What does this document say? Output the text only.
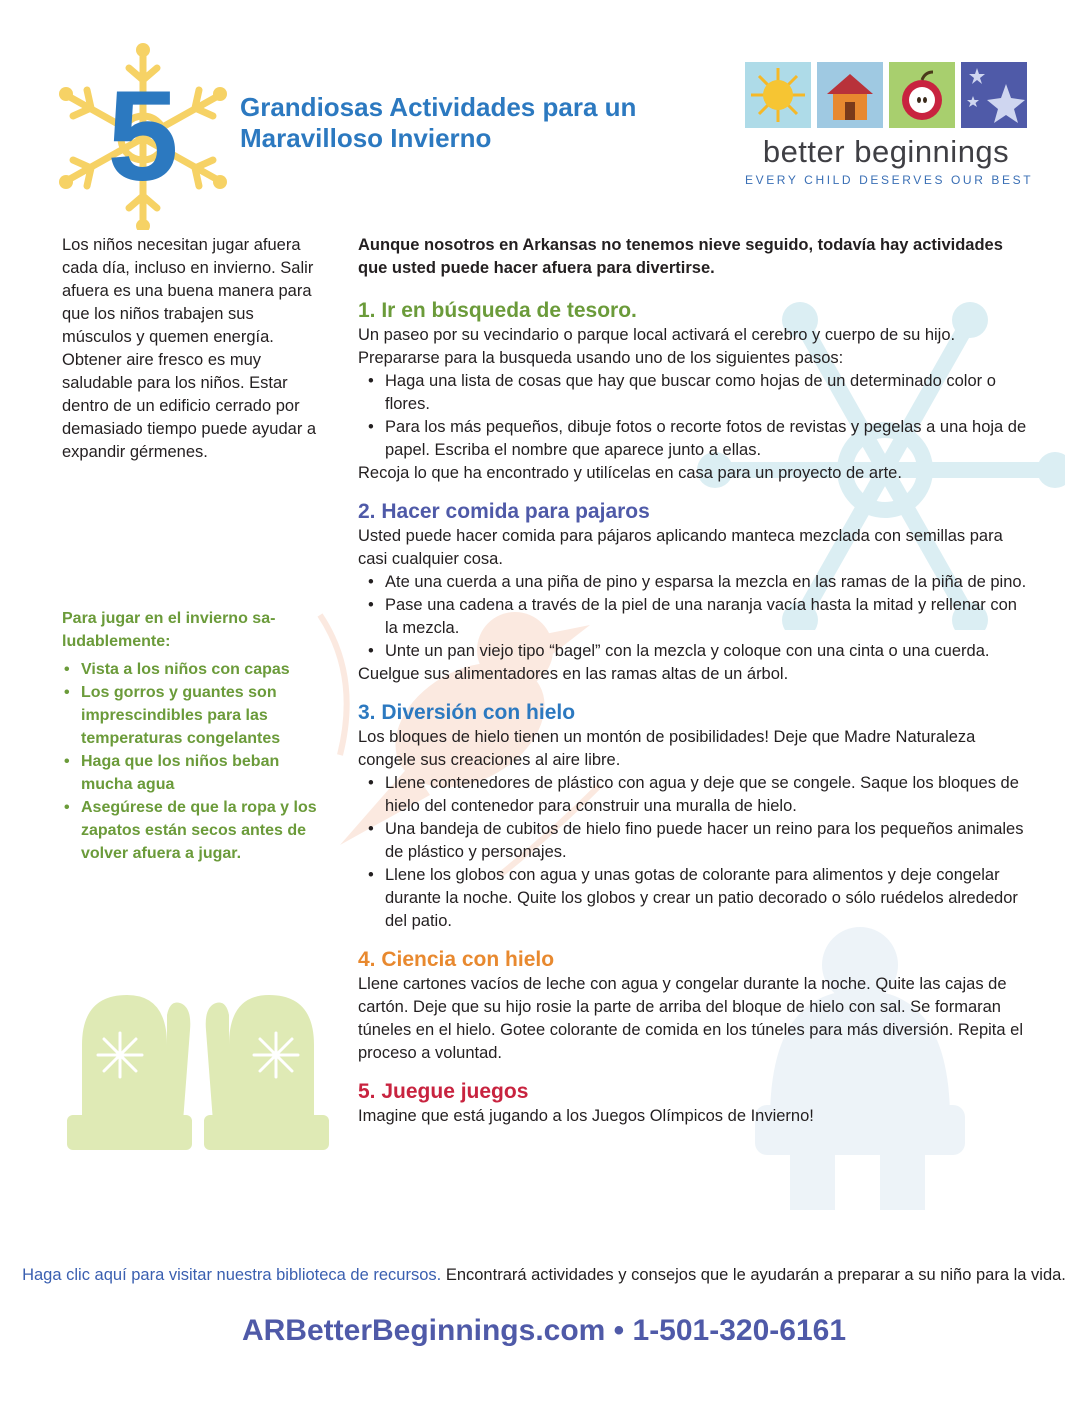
5 Grandiosas Actividades para un
Maravilloso Invierno	better beginnings
EVERY CHILD DESERVES OUR BEST
Los niños necesitan jugar afuera cada día, incluso en invierno. Salir afuera es una buena manera para que los niños trabajen sus músculos y quemen energía. Obtener aire fresco es muy saludable para los niños. Estar dentro de un edificio cerrado por demasiado tiempo puede ayudar a expandir gérmenes.
Para jugar en el invierno sa-ludablemente:
• Vista a los niños con capas
• Los gorros y guantes son imprescindibles para las temperaturas congelantes
• Haga que los niños beban mucha agua
• Asegúrese de que la ropa y los zapatos están secos antes de volver afuera a jugar.

Aunque nosotros en Arkansas no tenemos nieve seguido, todavía hay actividades que usted puede hacer afuera para divertirse.

1. Ir en búsqueda de tesoro.

Un paseo por su vecindario o parque local activará el cerebro y cuerpo de su hijo. Prepararse para la busqueda usando uno de los siguientes pasos:

• Haga una lista de cosas que hay que buscar como hojas de un determinado color o flores.
• Para los más pequeños, dibuje fotos o recorte fotos de revistas y pegelas a una hoja de papel. Escriba el nombre que aparece junto a ellas.

Recoja lo que ha encontrado y utilícelas en casa para un proyecto de arte.

2. Hacer comida para pajaros

Usted puede hacer comida para pájaros aplicando manteca mezclada con semillas para casi cualquier cosa.

• Ate una cuerda a una piña de pino y esparsa la mezcla en las ramas de la piña de pino.
• Pase una cadena a través de la piel de una naranja vacía hasta la mitad y rellenar con la mezcla.
• Unte un pan viejo tipo “bagel” con la mezcla y coloque con una cinta o una cuerda.

Cuelgue sus alimentadores en las ramas altas de un árbol.

3. Diversión con hielo

Los bloques de hielo tienen un montón de posibilidades! Deje que Madre Naturaleza congele sus creaciones al aire libre.

• Llene contenedores de plástico con agua y deje que se congele. Saque los bloques de hielo del contenedor para construir una muralla de hielo.
• Una bandeja de cubitos de hielo fino puede hacer un reino para los pequeños animales de plástico y personajes.
• Llene los globos con agua y unas gotas de colorante para alimentos y deje congelar durante la noche. Quite los globos y crear un patio decorado o sólo ruédelos alrededor del patio.
4. Ciencia con hielo

Llene cartones vacíos de leche con agua y congelar durante la noche. Quite las cajas de cartón. Deje que su hijo rosie la parte de arriba del bloque de hielo con sal. Se formaran túneles en el hielo. Gotee colorante de comida en los túneles para más diversión. Repita el proceso a voluntad.

5. Juegue juegos

Imagine que está jugando a los Juegos Olímpicos de Invierno!

Haga clic aquí para visitar nuestra biblioteca de recursos. Encontrará actividades y consejos que le ayudarán a preparar a su niño para la vida.
ARBetterBeginnings.com • 1-501-320-6161
